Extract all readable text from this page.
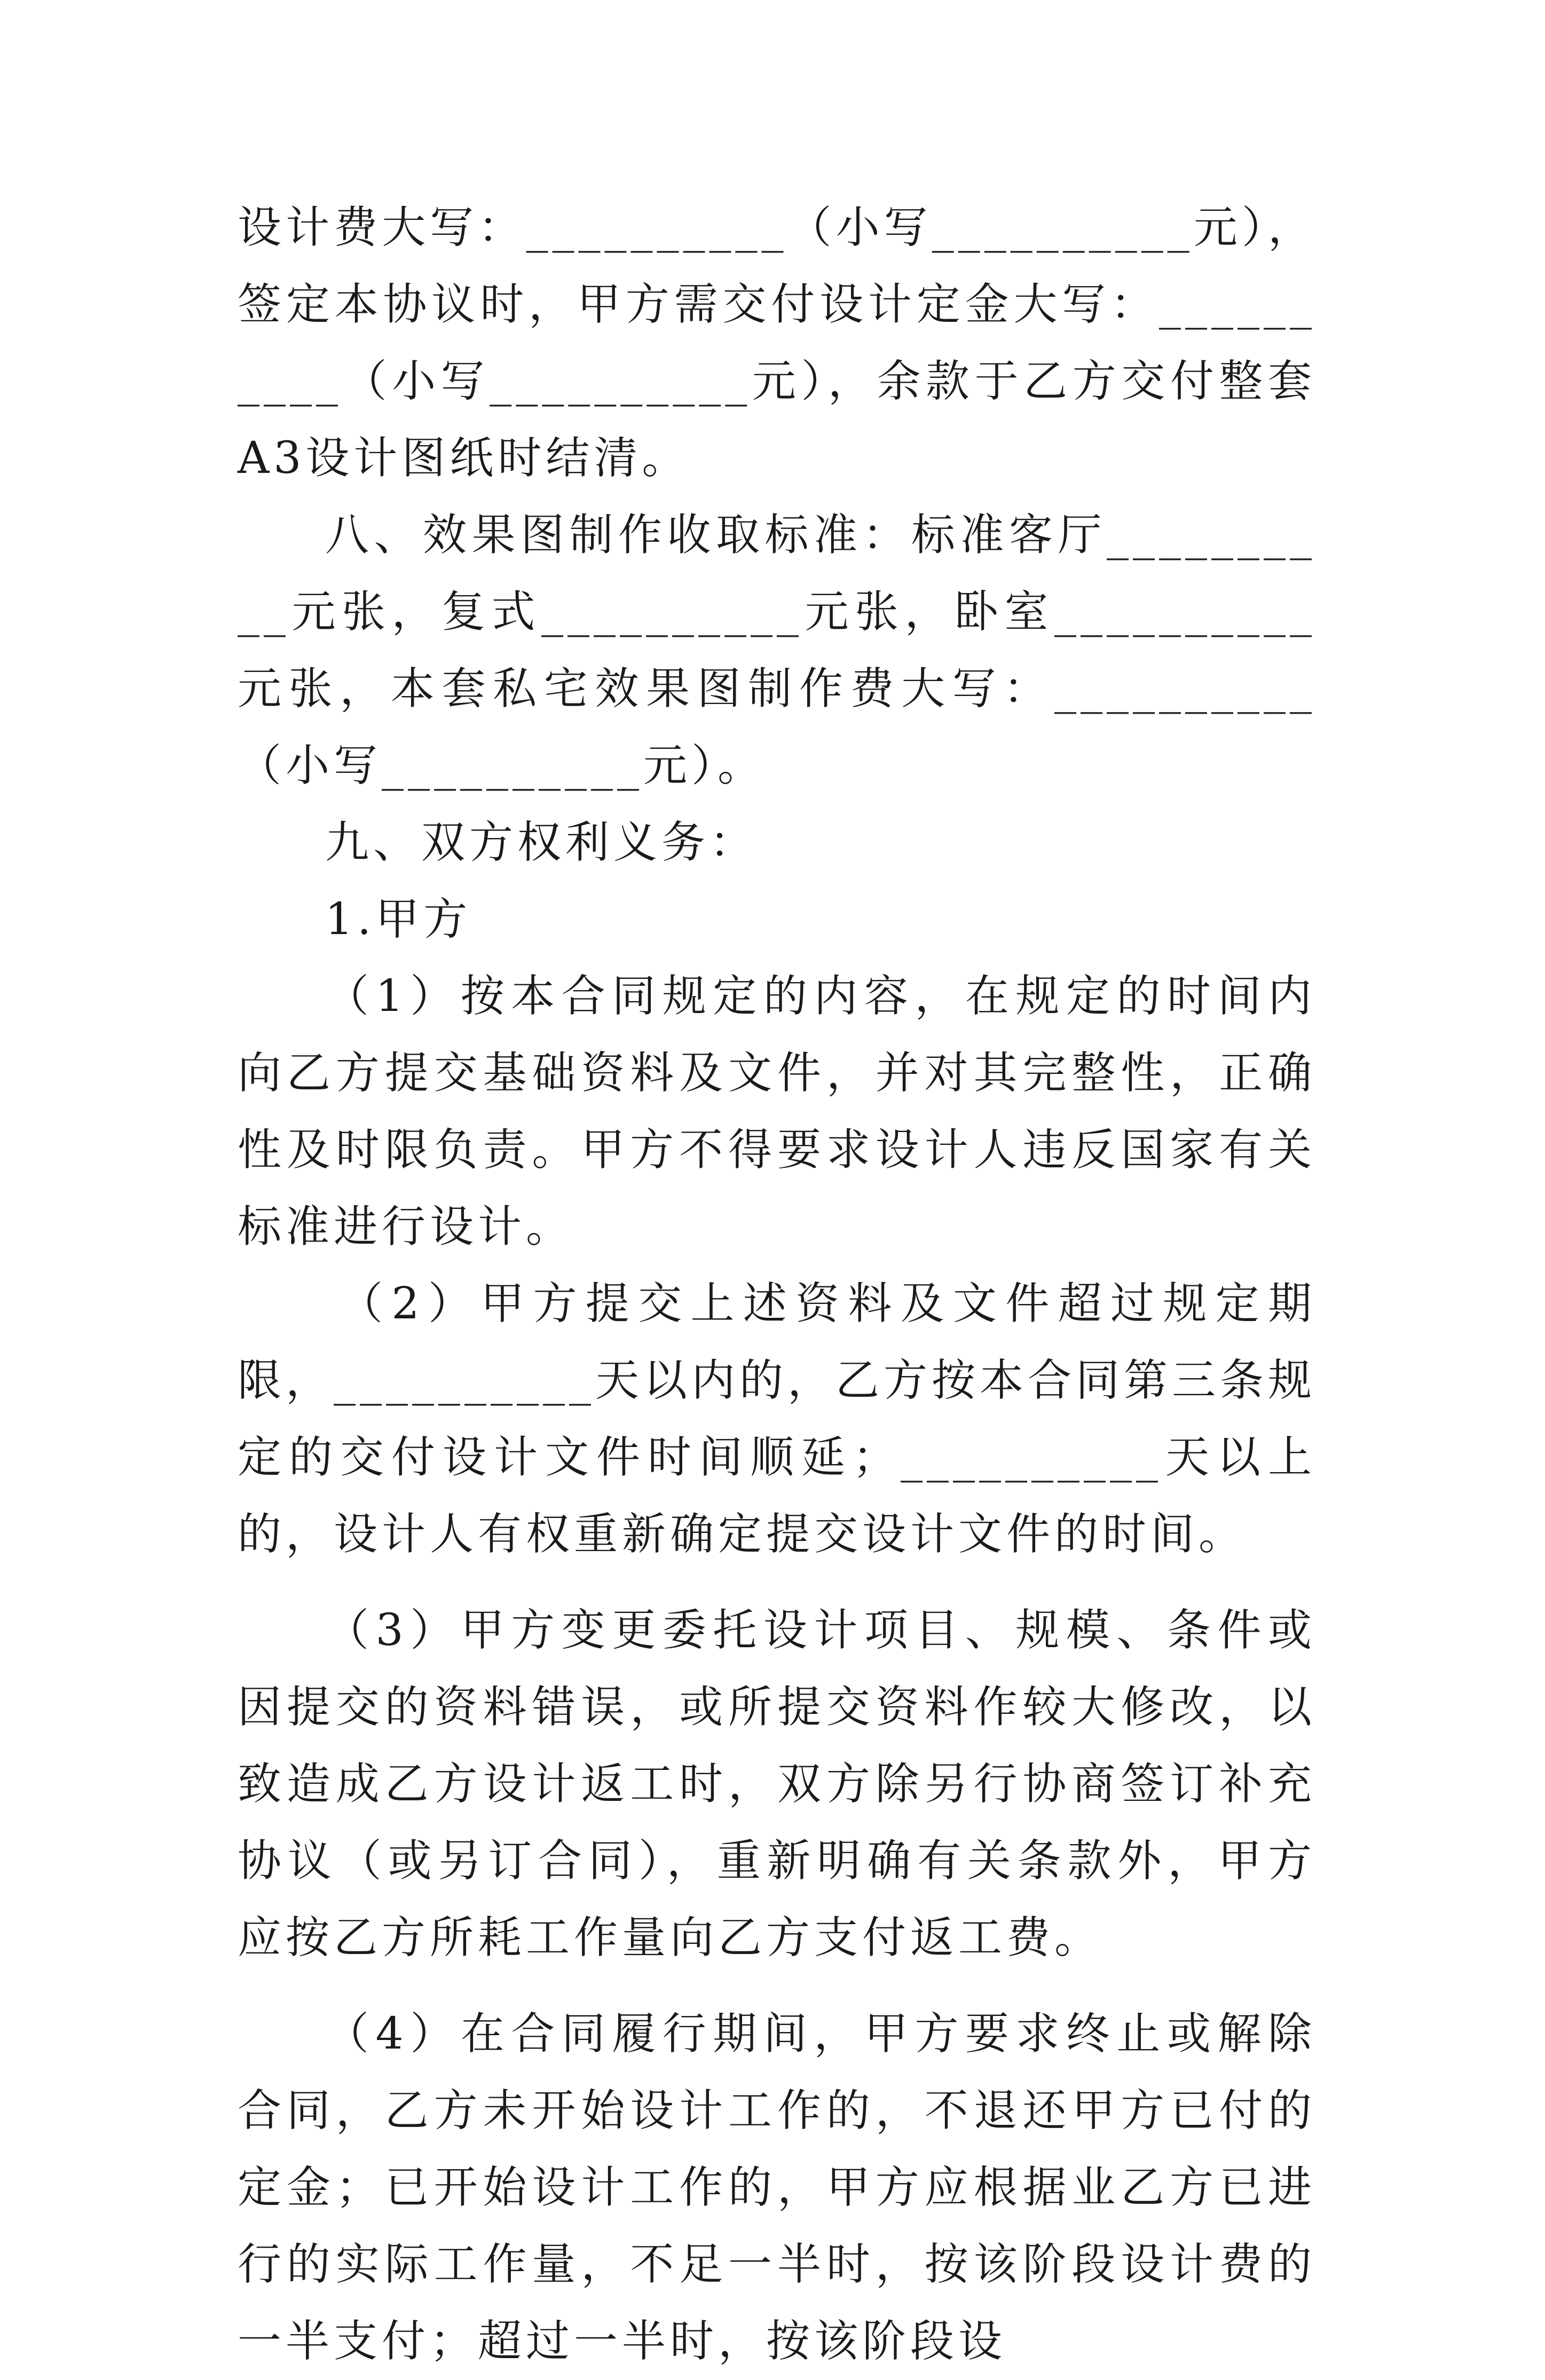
设计费大写：__________（小写__________元），签定本协议时，甲方需交付设计定金大写：__________（小写__________元），余款于乙方交付整套A3设计图纸时结清。

八、效果图制作收取标准：标准客厅__________元张，复式__________元张，卧室__________元张，本套私宅效果图制作费大写：__________（小写__________元）。

九、双方权利义务：

1.甲方

（1）按本合同规定的内容，在规定的时间内向乙方提交基础资料及文件，并对其完整性，正确性及时限负责。甲方不得要求设计人违反国家有关标准进行设计。

（2）甲方提交上述资料及文件超过规定期限，__________天以内的，乙方按本合同第三条规定的交付设计文件时间顺延；__________天以上的，设计人有权重新确定提交设计文件的时间。

（3）甲方变更委托设计项目、规模、条件或因提交的资料错误，或所提交资料作较大修改，以致造成乙方设计返工时，双方除另行协商签订补充协议（或另订合同），重新明确有关条款外，甲方应按乙方所耗工作量向乙方支付返工费。

（4）在合同履行期间，甲方要求终止或解除合同，乙方未开始设计工作的，不退还甲方已付的定金；已开始设计工作的，甲方应根据业乙方已进行的实际工作量，不足一半时，按该阶段设计费的一半支付；超过一半时，按该阶段设
